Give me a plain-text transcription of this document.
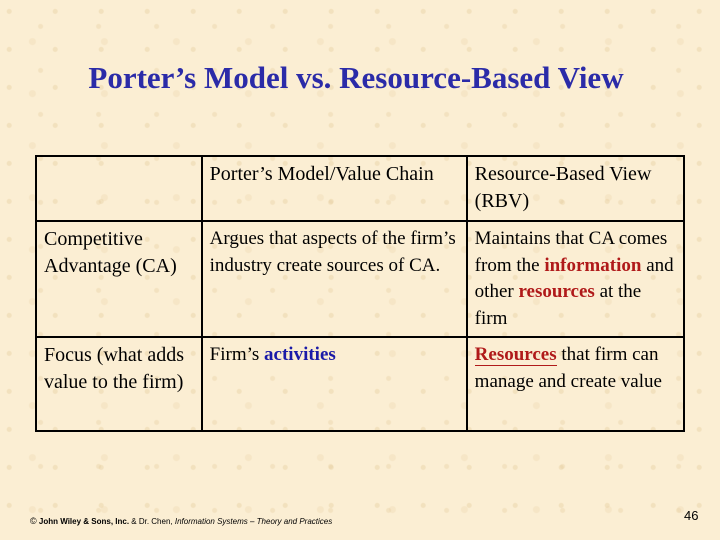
Porter’s Model vs. Resource-Based View
	Porter’s Model/Value Chain	Resource-Based View (RBV)
Competitive Advantage (CA)	Argues that aspects of the firm’s industry create sources of CA.	Maintains that CA comes from the information and other resources at the firm
Focus (what adds value to the firm)	Firm’s activities	Resources that firm can manage and create value
© John Wiley & Sons, Inc. & Dr. Chen, Information Systems – Theory and Practices	46
